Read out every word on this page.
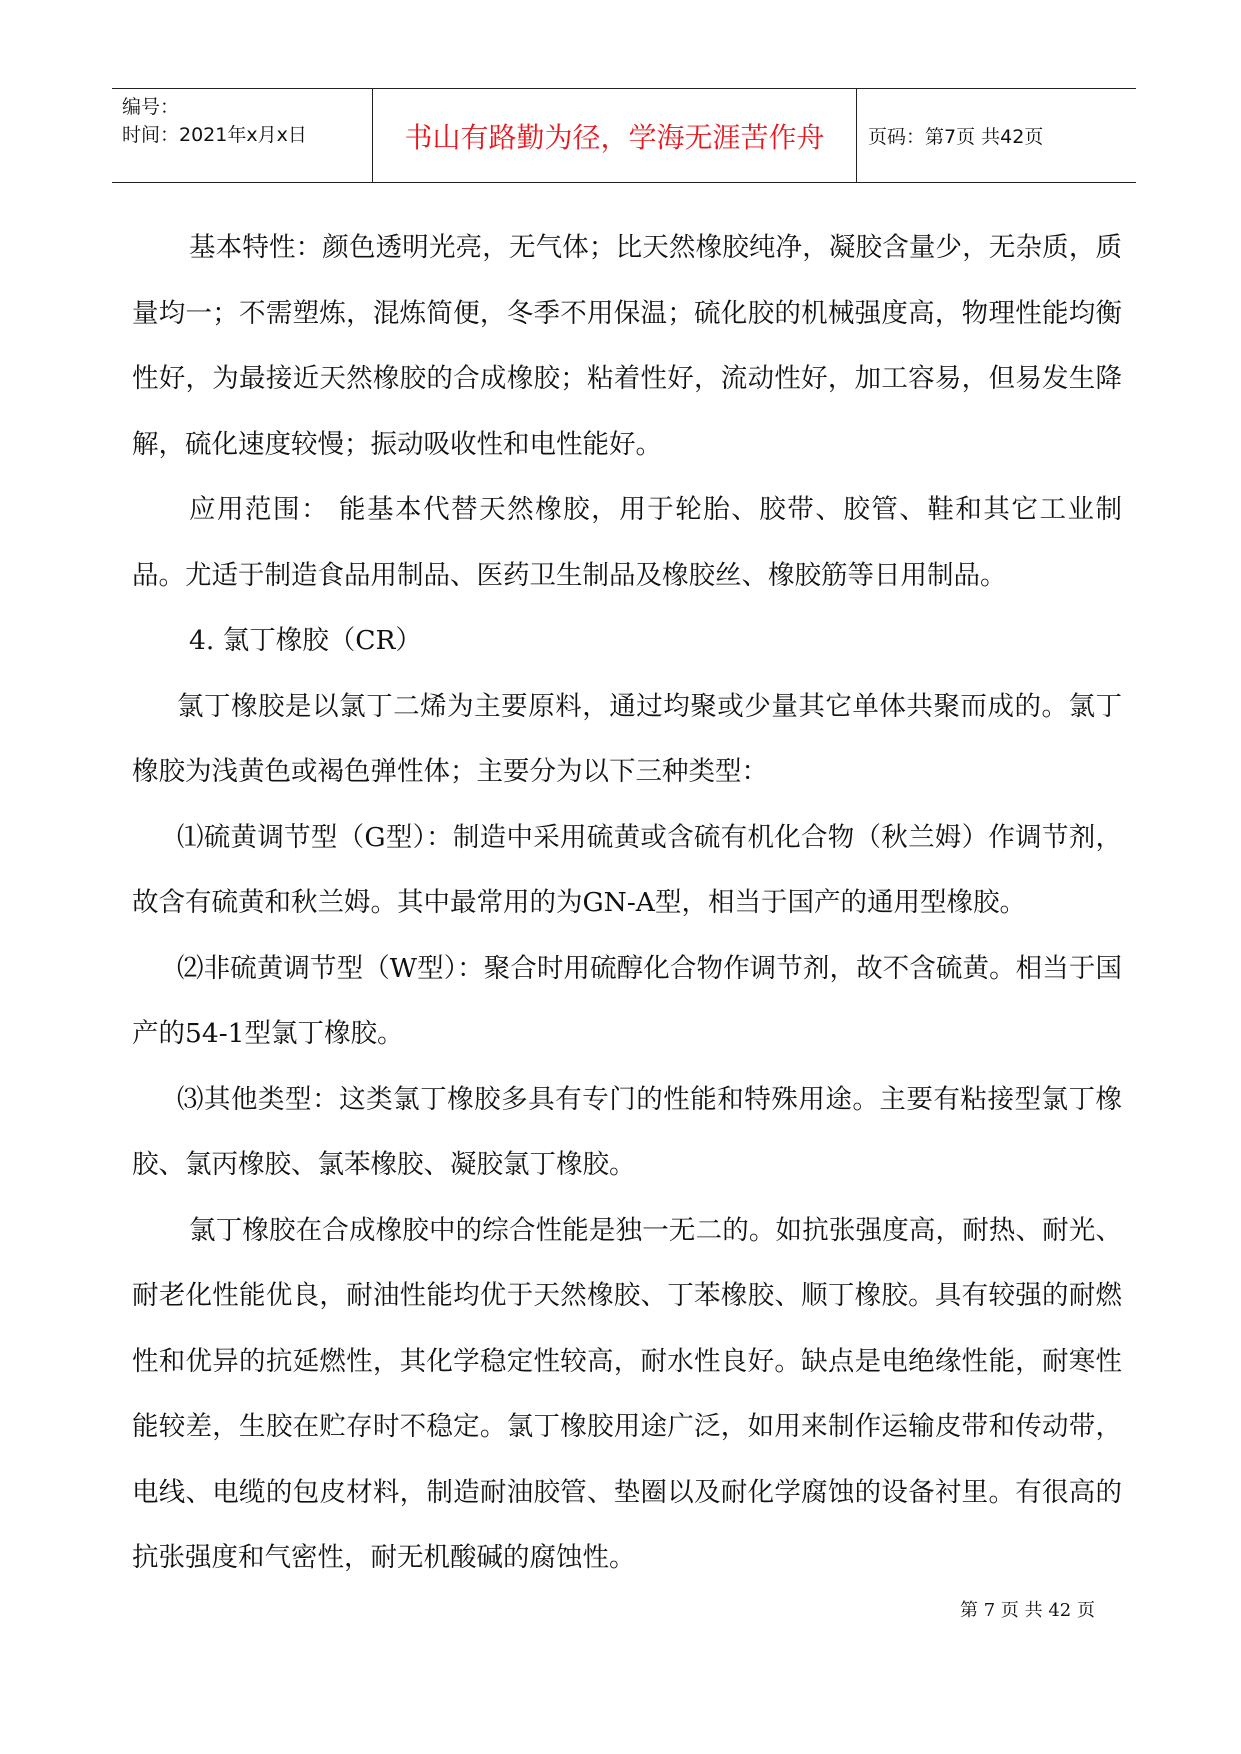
编号：
时间：2021年x月x日	书山有路勤为径，学海无涯苦作舟	页码：第7页 共42页

基本特性：颜色透明光亮，无气体；比天然橡胶纯净，凝胶含量少，无杂质，质量均一；不需塑炼，混炼简便，冬季不用保温；硫化胶的机械强度高，物理性能均衡性好，为最接近天然橡胶的合成橡胶；粘着性好，流动性好，加工容易，但易发生降解，硫化速度较慢；振动吸收性和电性能好。

应用范围： 能基本代替天然橡胶，用于轮胎、胶带、胶管、鞋和其它工业制品。尤适于制造食品用制品、医药卫生制品及橡胶丝、橡胶筋等日用制品。

4. 氯丁橡胶（CR）

氯丁橡胶是以氯丁二烯为主要原料，通过均聚或少量其它单体共聚而成的。氯丁橡胶为浅黄色或褐色弹性体；主要分为以下三种类型：

⑴硫黄调节型（G型）：制造中采用硫黄或含硫有机化合物（秋兰姆）作调节剂，故含有硫黄和秋兰姆。其中最常用的为GN-A型，相当于国产的通用型橡胶。

⑵非硫黄调节型（W型）：聚合时用硫醇化合物作调节剂，故不含硫黄。相当于国产的54-1型氯丁橡胶。

⑶其他类型：这类氯丁橡胶多具有专门的性能和特殊用途。主要有粘接型氯丁橡胶、氯丙橡胶、氯苯橡胶、凝胶氯丁橡胶。

氯丁橡胶在合成橡胶中的综合性能是独一无二的。如抗张强度高，耐热、耐光、耐老化性能优良，耐油性能均优于天然橡胶、丁苯橡胶、顺丁橡胶。具有较强的耐燃性和优异的抗延燃性，其化学稳定性较高，耐水性良好。缺点是电绝缘性能，耐寒性能较差，生胶在贮存时不稳定。氯丁橡胶用途广泛，如用来制作运输皮带和传动带， 电线、电缆的包皮材料，制造耐油胶管、垫圈以及耐化学腐蚀的设备衬里。有很高的抗张强度和气密性，耐无机酸碱的腐蚀性。

第 7 页 共 42 页
